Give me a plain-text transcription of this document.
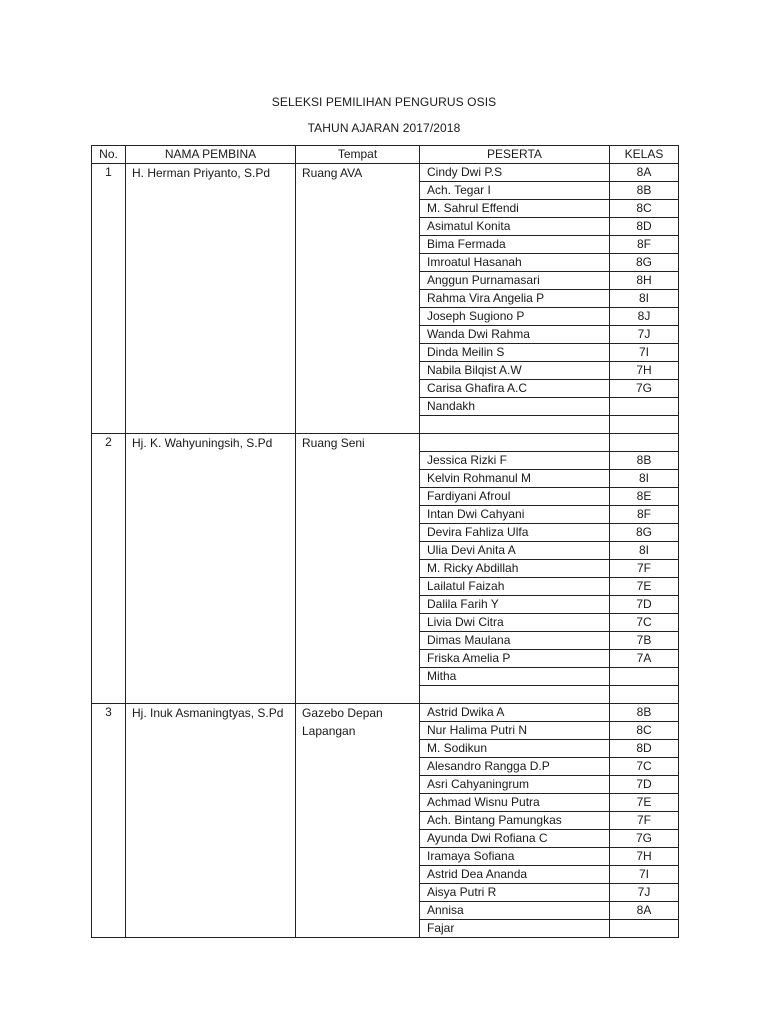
SELEKSI PEMILIHAN PENGURUS OSIS
TAHUN AJARAN 2017/2018
No.	NAMA PEMBINA	Tempat	PESERTA	KELAS
1	H. Herman Priyanto, S.Pd	Ruang AVA	Cindy Dwi P.S	8A
			Ach. Tegar I	8B
			M. Sahrul Effendi	8C
			Asimatul Konita	8D
			Bima Fermada	8F
			Imroatul Hasanah	8G
			Anggun Purnamasari	8H
			Rahma Vira Angelia P	8I
			Joseph Sugiono P	8J
			Wanda Dwi Rahma	7J
			Dinda Meilin S	7I
			Nabila Bilqist A.W	7H
			Carisa Ghafira A.C	7G
			Nandakh	

2	Hj. K. Wahyuningsih, S.Pd	Ruang Seni		
			Jessica Rizki F	8B
			Kelvin Rohmanul M	8I
			Fardiyani Afroul	8E
			Intan Dwi Cahyani	8F
			Devira Fahliza Ulfa	8G
			Ulia Devi Anita A	8I
			M. Ricky Abdillah	7F
			Lailatul Faizah	7E
			Dalila Farih Y	7D
			Livia Dwi Citra	7C
			Dimas Maulana	7B
			Friska Amelia P	7A
			Mitha	

3	Hj. Inuk Asmaningtyas, S.Pd	Gazebo Depan Lapangan	Astrid Dwika A	8B
			Nur Halima Putri N	8C
			M. Sodikun	8D
			Alesandro Rangga D.P	7C
			Asri Cahyaningrum	7D
			Achmad Wisnu Putra	7E
			Ach. Bintang Pamungkas	7F
			Ayunda Dwi Rofiana C	7G
			Iramaya Sofiana	7H
			Astrid Dea Ananda	7I
			Aisya Putri R	7J
			Annisa	8A
			Fajar	
